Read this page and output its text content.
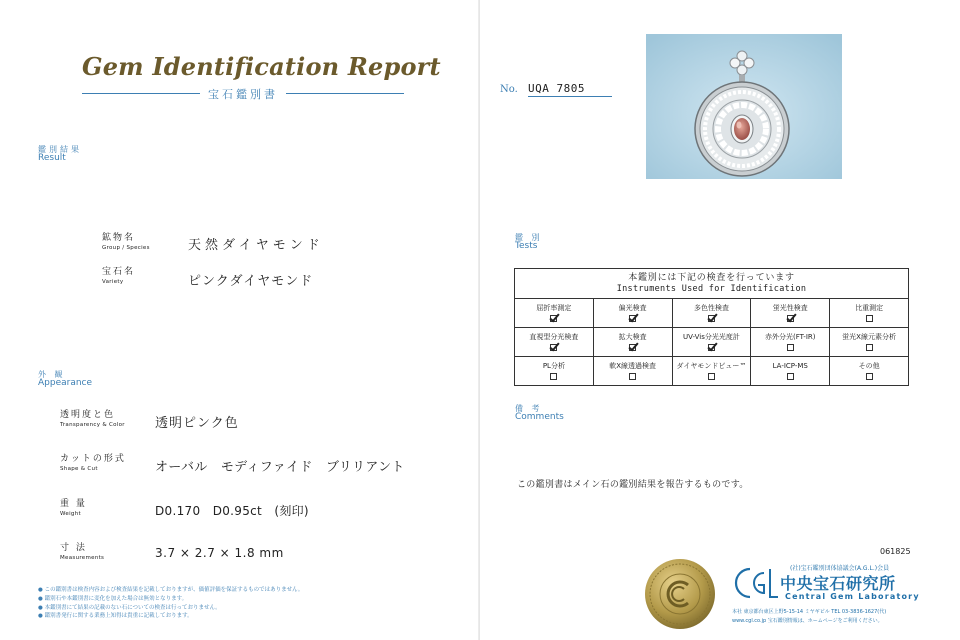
Gem Identification Report
宝石鑑別書
鑑別結果
Result
鉱物名
Group / Species	天然ダイヤモンド
宝石名
Variety	ピンクダイヤモンド
外 観
Appearance
透明度と色
Transparency & Color 透明ピンク色
カットの形式
Shape & Cut	オーバル　モディファイド　ブリリアント
重 量
Weight	D0.170　D0.95ct　(刻印)
寸 法
Measurements	3.7 × 2.7 × 1.8 mm
● この鑑別書は検査内容および検査結果を記載しておりますが、価値評価を保証するものではありません。
● 鑑別石や本鑑別書に変化を加えた場合は無効となります。
● 本鑑別書にて結果の記載のない石についての検査は行っておりません。
● 鑑別書発行に関する業務上知得は貴重に記載しております。
No. UQA 7805
鑑 別
Tests
本鑑別には下記の検査を行っています
Instruments Used for Identification				

屈折率測定	偏光検査	多色性検査	蛍光性検査	比重測定

直視型分光検査	拡大検査	UV-Vis分光光度計	赤外分光(FT-IR)	蛍光X線元素分析

PL分析	軟X線透過検査	ダイヤモンドビュー™	LA-ICP-MS	その他
備 考
Comments
この鑑別書はメイン石の鑑別結果を報告するものです。
061825
(社)宝石鑑別団体協議会(A.G.L.)会員
中央宝石研究所
Central Gem Laboratory
本社 東京都台東区上野5-15-14 ミヤギビル TEL 03-3836-1627(代)
www.cgl.co.jp 宝石鑑別情報は、ホームページをご利用ください。
